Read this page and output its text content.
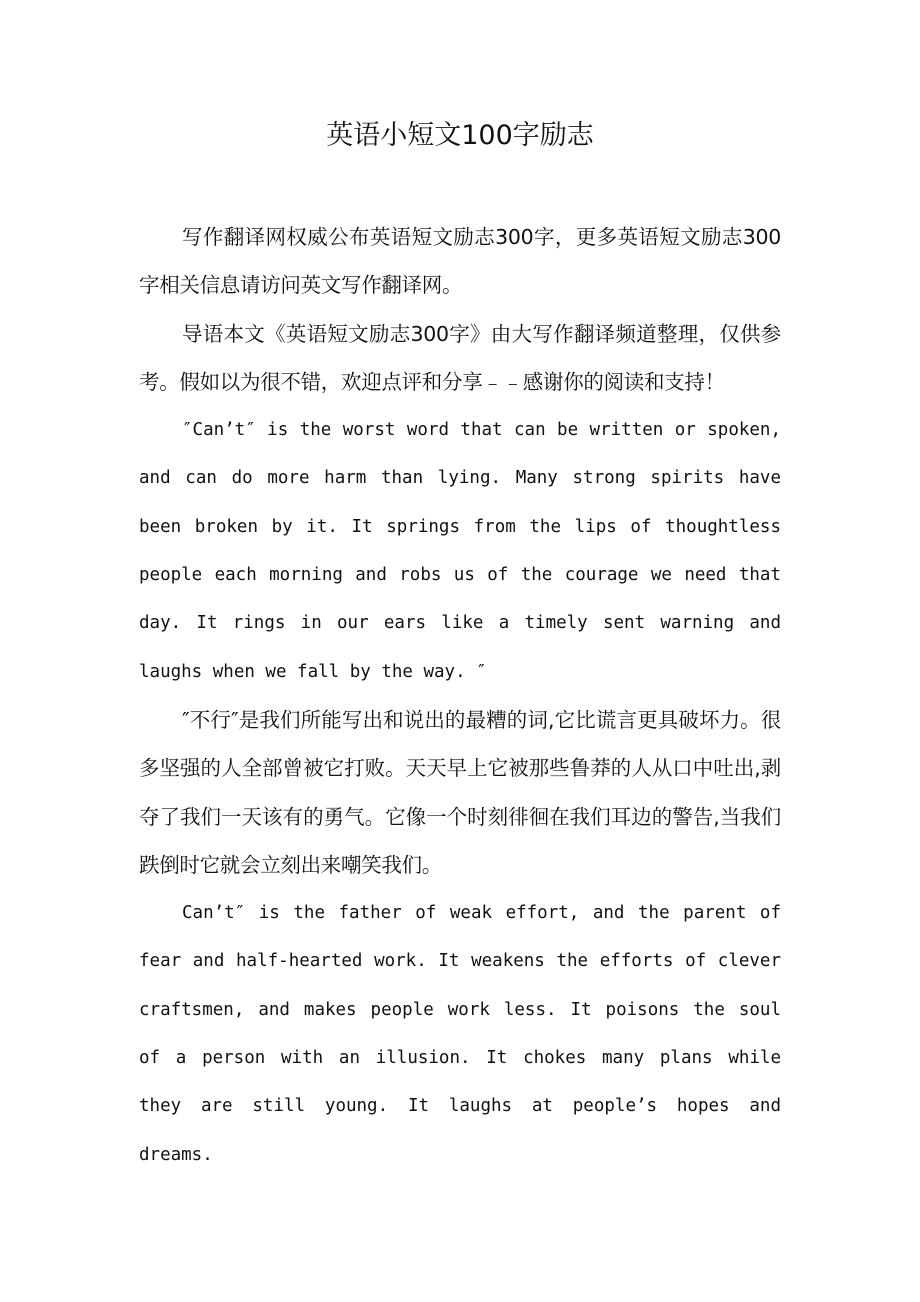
英语小短文100字励志

写作翻译网权威公布英语短文励志300字，更多英语短文励志300字相关信息请访问英文写作翻译网。

导语本文《英语短文励志300字》由大写作翻译频道整理，仅供参考。假如以为很不错，欢迎点评和分享﹣﹣感谢你的阅读和支持！

″Can’t″ is the worst word that can be written or spoken, and can do more harm than lying. Many strong spirits have been broken by it. It springs from the lips of thoughtless people each morning and robs us of the courage we need that day. It rings in our ears like a timely sent warning and laughs when we fall by the way. ″

″不行″是我们所能写出和说出的最糟的词,它比谎言更具破坏力。很多坚强的人全部曾被它打败。天天早上它被那些鲁莽的人从口中吐出,剥夺了我们一天该有的勇气。它像一个时刻徘徊在我们耳边的警告,当我们跌倒时它就会立刻出来嘲笑我们。

Can’t″ is the father of weak effort, and the parent of fear and half-hearted work. It weakens the efforts of clever craftsmen, and makes people work less. It poisons the soul of a person with an illusion. It chokes many plans while they are still young. It laughs at people’s hopes and dreams.
